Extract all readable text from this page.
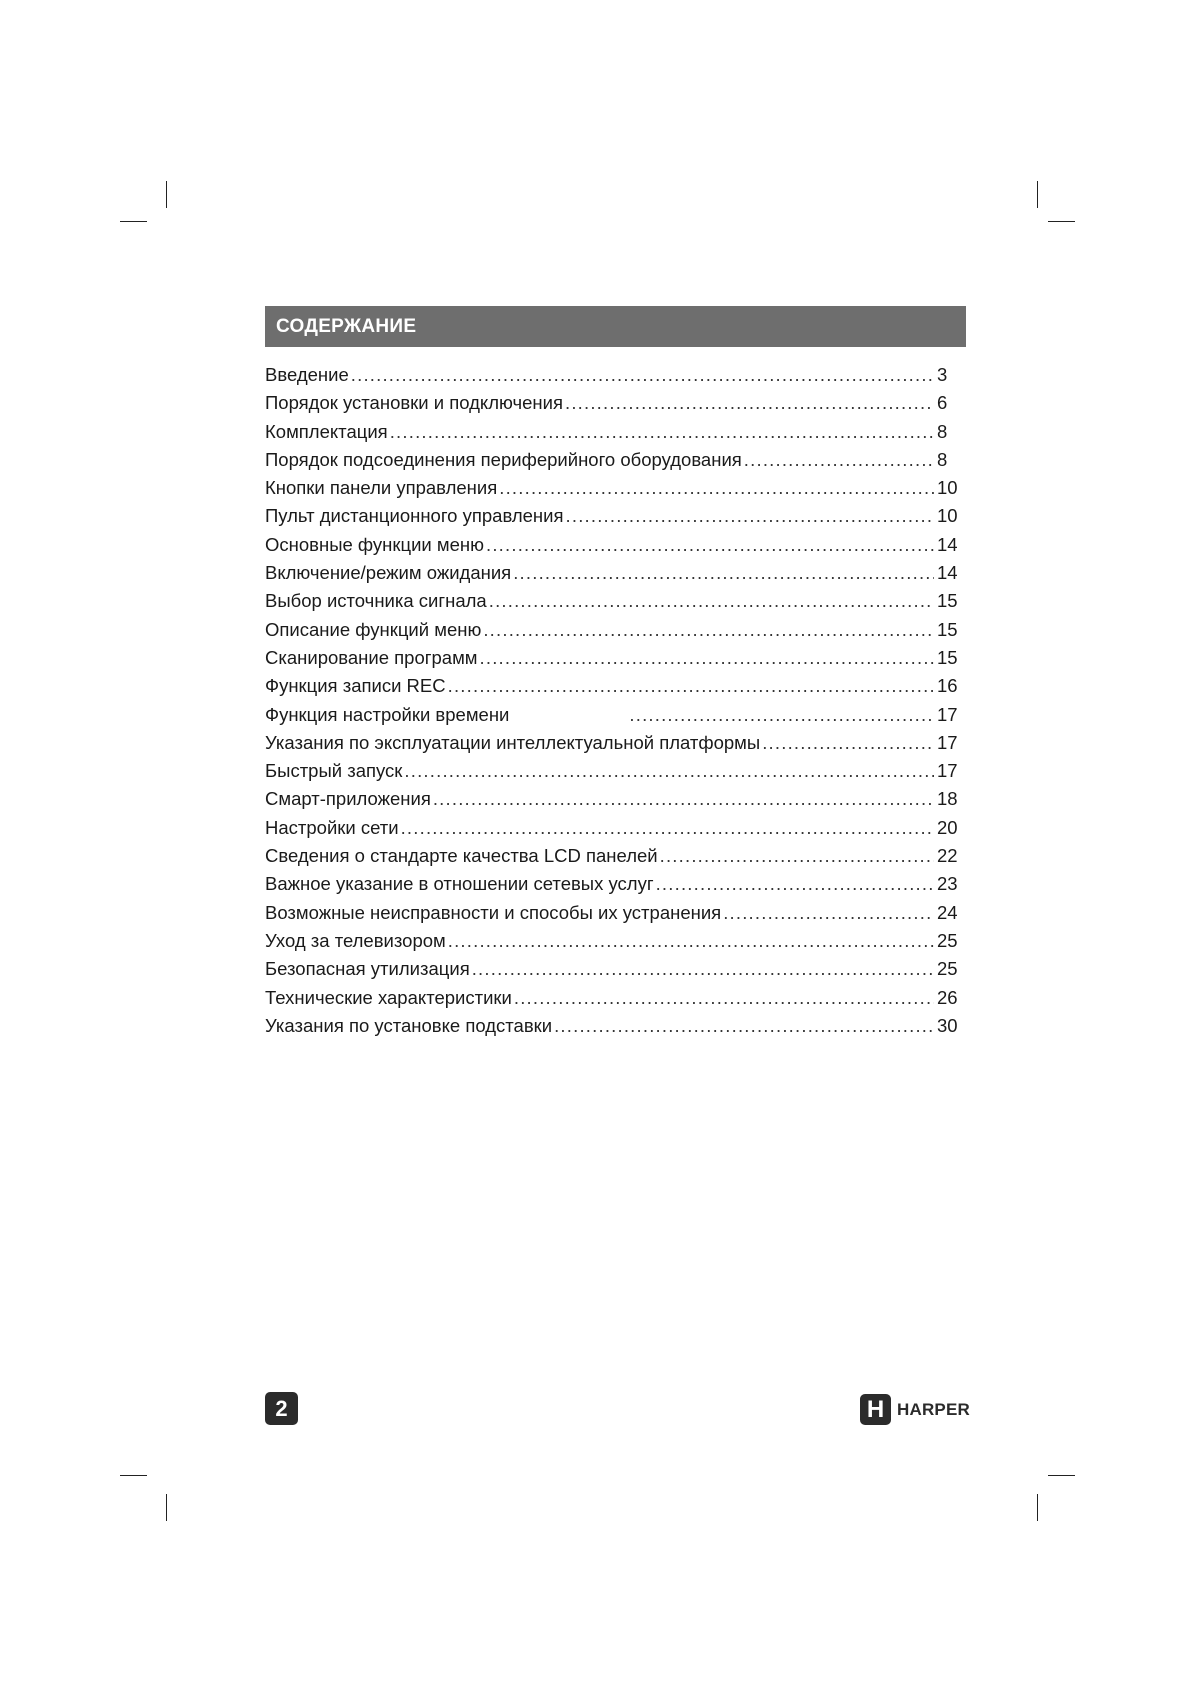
СОДЕРЖАНИЕ
Введение .....	3
Порядок установки и подключения .....	6
Комплектация .....	8
Порядок подсоединения периферийного оборудования .....	8
Кнопки панели управления .....	10
Пульт дистанционного управления .....	10
Основные функции меню .....	14
Включение/режим ожидания .....	14
Выбор источника сигнала .....	15
Описание функций меню .....	15
Сканирование программ .....	15
Функция записи REC .....	16
Функция настройки времени .....	17
Указания по эксплуатации интеллектуальной платформы .....	17
Быстрый запуск .....	17
Смарт-приложения .....	18
Настройки сети .....	20
Сведения о стандарте качества LCD панелей .....	22
Важное указание в отношении сетевых услуг .....	23
Возможные неисправности и способы их устранения .....	24
Уход за телевизором .....	25
Безопасная утилизация .....	25
Технические характеристики .....	26
Указания по установке подставки .....	30
2	H HARPER
